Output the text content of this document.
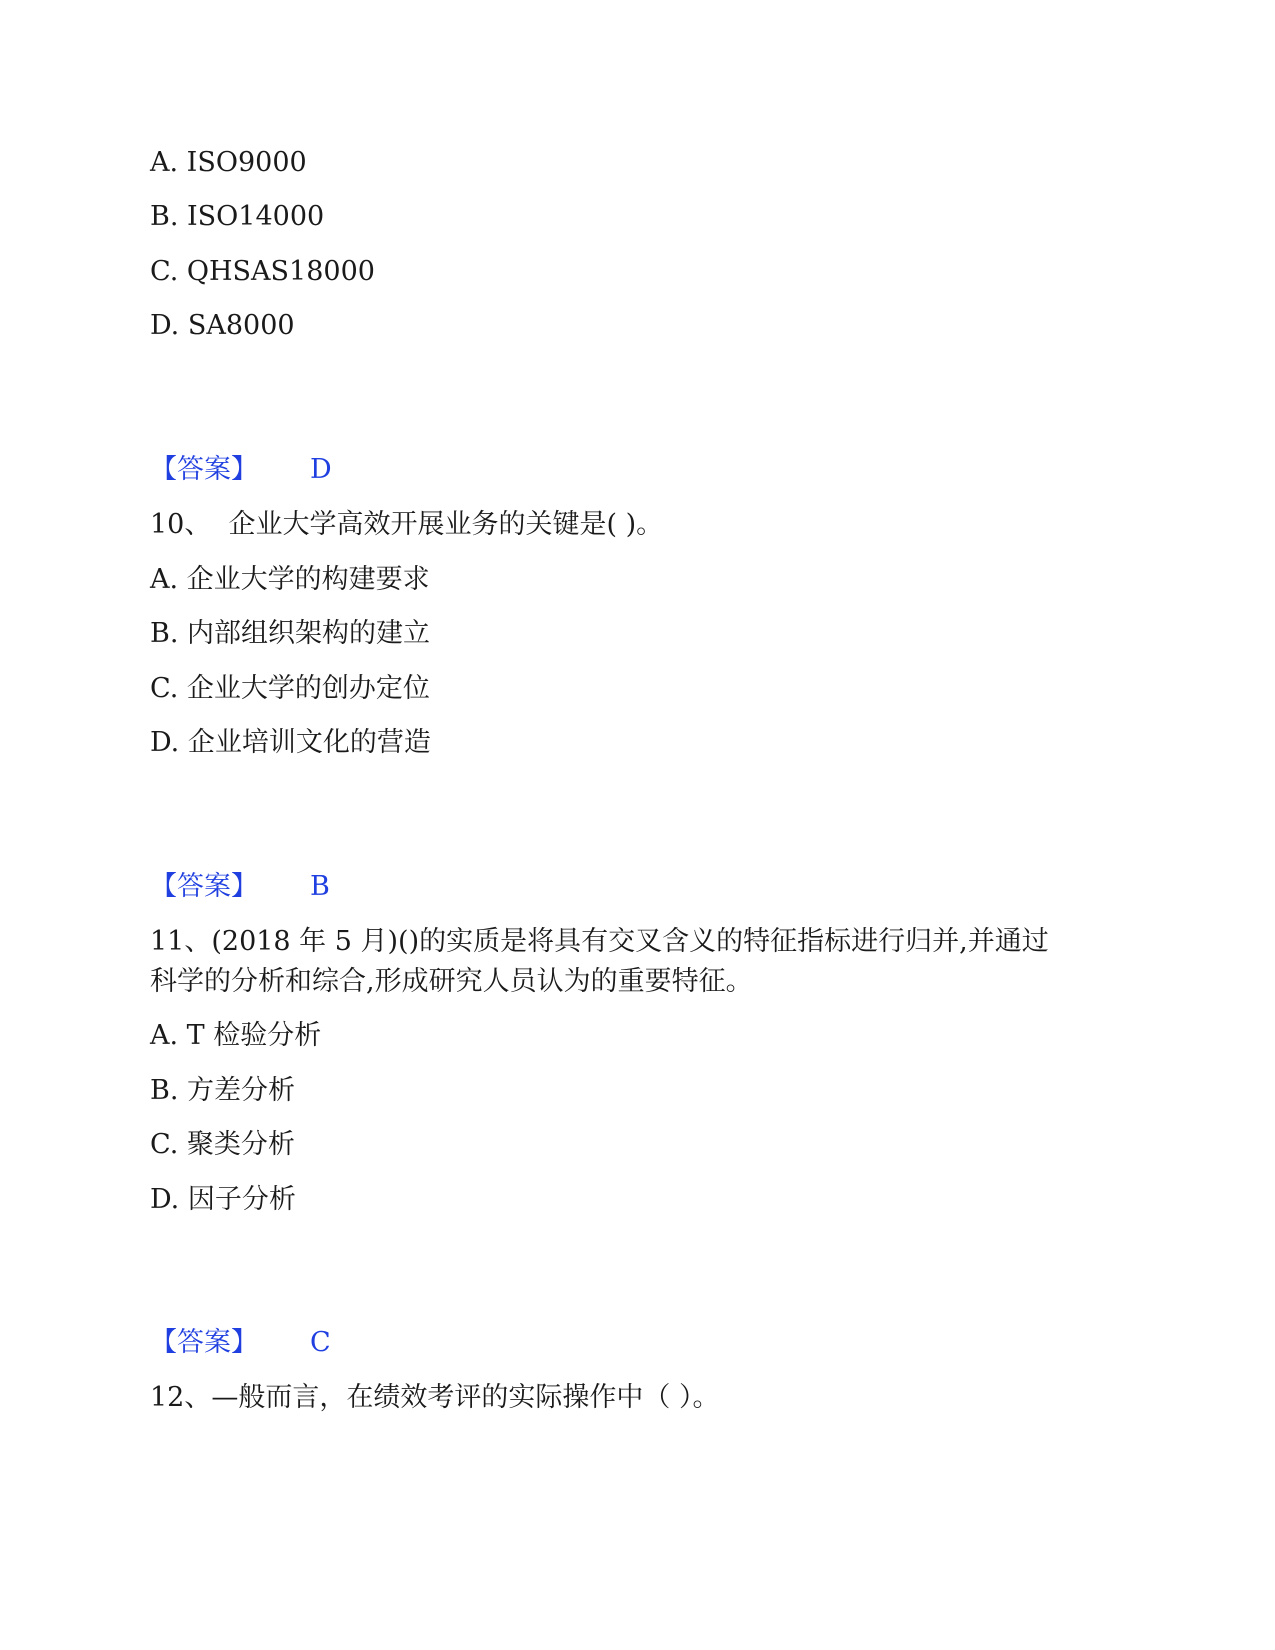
A. ISO9000
B. ISO14000
C. QHSAS18000
D. SA8000
【答案】 D
10、  企业大学高效开展业务的关键是( )。
A. 企业大学的构建要求
B. 内部组织架构的建立
C. 企业大学的创办定位
D. 企业培训文化的营造
【答案】 B
11、(2018 年 5 月)()的实质是将具有交叉含义的特征指标进行归并,并通过
科学的分析和综合,形成研究人员认为的重要特征。
A. T 检验分析
B. 方差分析
C. 聚类分析
D. 因子分析
【答案】 C
12、—般而言，在绩效考评的实际操作中（ ）。
